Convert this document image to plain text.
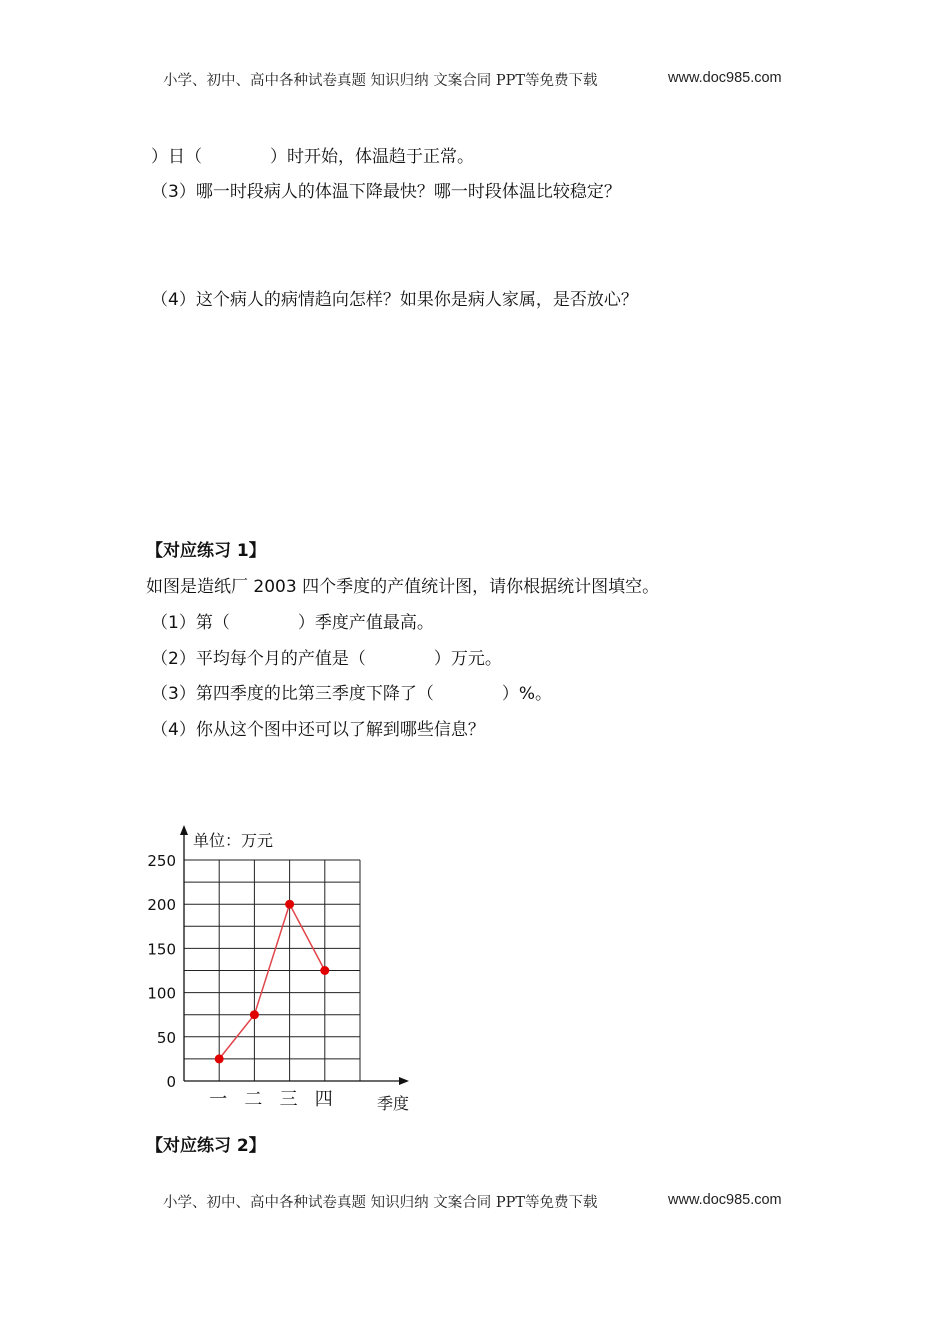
小学、初中、高中各种试卷真题 知识归纳 文案合同 PPT等免费下载	www.doc985.com
）日（　　　　）时开始，体温趋于正常。
（3）哪一时段病人的体温下降最快？哪一时段体温比较稳定？
（4）这个病人的病情趋向怎样？如果你是病人家属，是否放心？
【对应练习 1】
如图是造纸厂 2003 四个季度的产值统计图，请你根据统计图填空。
（1）第（　　　　）季度产值最高。
（2）平均每个月的产值是（　　　　）万元。
（3）第四季度的比第三季度下降了（　　　　）%。
（4）你从这个图中还可以了解到哪些信息？
单位：万元
0
50
100
150
200
250
一 二 三 四	季度
【对应练习 2】
小学、初中、高中各种试卷真题 知识归纳 文案合同 PPT等免费下载	www.doc985.com
